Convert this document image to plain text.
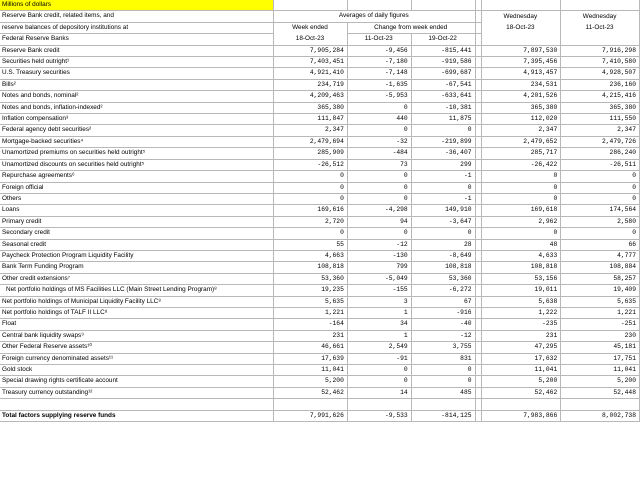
Millions of dollars						
Reserve Bank credit, related items, and	Averages of daily figures				Wednesday	Wednesday
reserve balances of depository institutions at	Week ended	Change from week ended			18-Oct-23	11-Oct-23
Federal Reserve Banks	18-Oct-23	11-Oct-23	19-Oct-22			
Reserve Bank credit	7,905,284	-9,456	-815,441		7,897,530	7,916,298
Securities held outright¹	7,403,451	-7,180	-919,586		7,395,456	7,410,580
U.S. Treasury securities	4,921,410	-7,148	-699,687		4,913,457	4,928,507
Bills²	234,719	-1,635	-67,541		234,531	236,160
Notes and bonds, nominal²	4,209,463	-5,953	-633,641		4,201,526	4,215,416
Notes and bonds, inflation-indexed²	365,380	0	-10,381		365,380	365,380
Inflation compensation³	111,847	440	11,875		112,020	111,550
Federal agency debt securities²	2,347	0	0		2,347	2,347
Mortgage-backed securities⁴	2,479,694	-32	-219,899		2,479,652	2,479,726
Unamortized premiums on securities held outright⁵	285,909	-484	-36,407		285,717	286,240
Unamortized discounts on securities held outright⁵	-26,512	73	299		-26,422	-26,511
Repurchase agreements⁶	0	0	-1		0	0
Foreign official	0	0	0		0	0
Others	0	0	-1		0	0
Loans	169,616	-4,298	149,910		169,618	174,564
Primary credit	2,720	94	-3,647		2,962	2,580
Secondary credit	0	0	0		0	0
Seasonal credit	55	-12	28		48	66
Paycheck Protection Program Liquidity Facility	4,663	-130	-8,649		4,633	4,777
Bank Term Funding Program	108,818	799	108,818		108,818	108,884
Other credit extensions⁷	53,360	-5,049	53,360		53,156	58,257
Net portfolio holdings of MS Facilities LLC (Main Street Lending Program)⁸	19,235	-155	-6,272		19,011	19,409
Net portfolio holdings of Municipal Liquidity Facility LLC⁸	5,635	3	67		5,638	5,635
Net portfolio holdings of TALF II LLC⁸	1,221	1	-916		1,222	1,221
Float	-164	34	-40		-235	-251
Central bank liquidity swaps⁹	231	1	-12		231	230
Other Federal Reserve assets¹⁰	46,661	2,549	3,755		47,295	45,181
Foreign currency denominated assets¹¹	17,639	-91	831		17,632	17,751
Gold stock	11,041	0	0		11,041	11,041
Special drawing rights certificate account	5,200	0	0		5,200	5,200
Treasury currency outstanding¹²	52,462	14	485		52,462	52,448

Total factors supplying reserve funds	7,991,626	-9,533	-814,125		7,983,866	8,002,738
